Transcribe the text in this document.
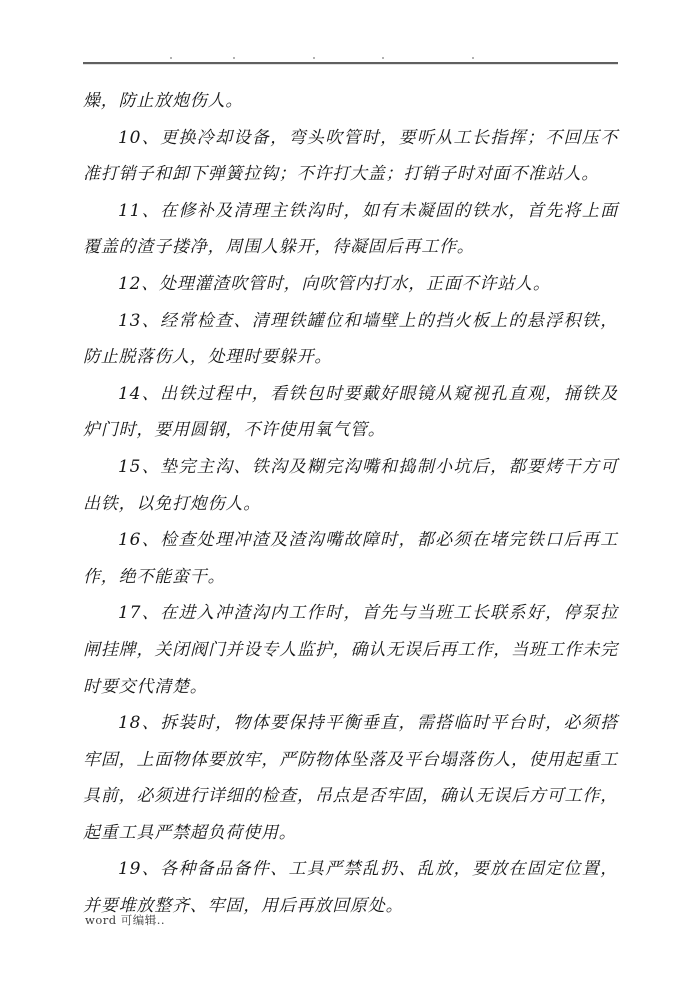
燥，防止放炮伤人。

10、更换冷却设备，弯头吹管时，要听从工长指挥；不回压不准打销子和卸下弹簧拉钩；不许打大盖；打销子时对面不准站人。

11、在修补及清理主铁沟时，如有未凝固的铁水，首先将上面覆盖的渣子搂净，周围人躲开，待凝固后再工作。

12、处理灌渣吹管时，向吹管内打水，正面不许站人。

13、经常检查、清理铁罐位和墙壁上的挡火板上的悬浮积铁，防止脱落伤人，处理时要躲开。

14、出铁过程中，看铁包时要戴好眼镜从窥视孔直观，捅铁及炉门时，要用圆钢，不许使用氧气管。

15、垫完主沟、铁沟及糊完沟嘴和捣制小坑后，都要烤干方可出铁，以免打炮伤人。

16、检查处理冲渣及渣沟嘴故障时，都必须在堵完铁口后再工作，绝不能蛮干。

17、在进入冲渣沟内工作时，首先与当班工长联系好，停泵拉闸挂牌，关闭阀门并设专人监护，确认无误后再工作，当班工作未完时要交代清楚。

18、拆装时，物体要保持平衡垂直，需搭临时平台时，必须搭牢固，上面物体要放牢，严防物体坠落及平台塌落伤人，使用起重工具前，必须进行详细的检查，吊点是否牢固，确认无误后方可工作，起重工具严禁超负荷使用。

19、各种备品备件、工具严禁乱扔、乱放，要放在固定位置，并要堆放整齐、牢固，用后再放回原处。

word 可编辑..
